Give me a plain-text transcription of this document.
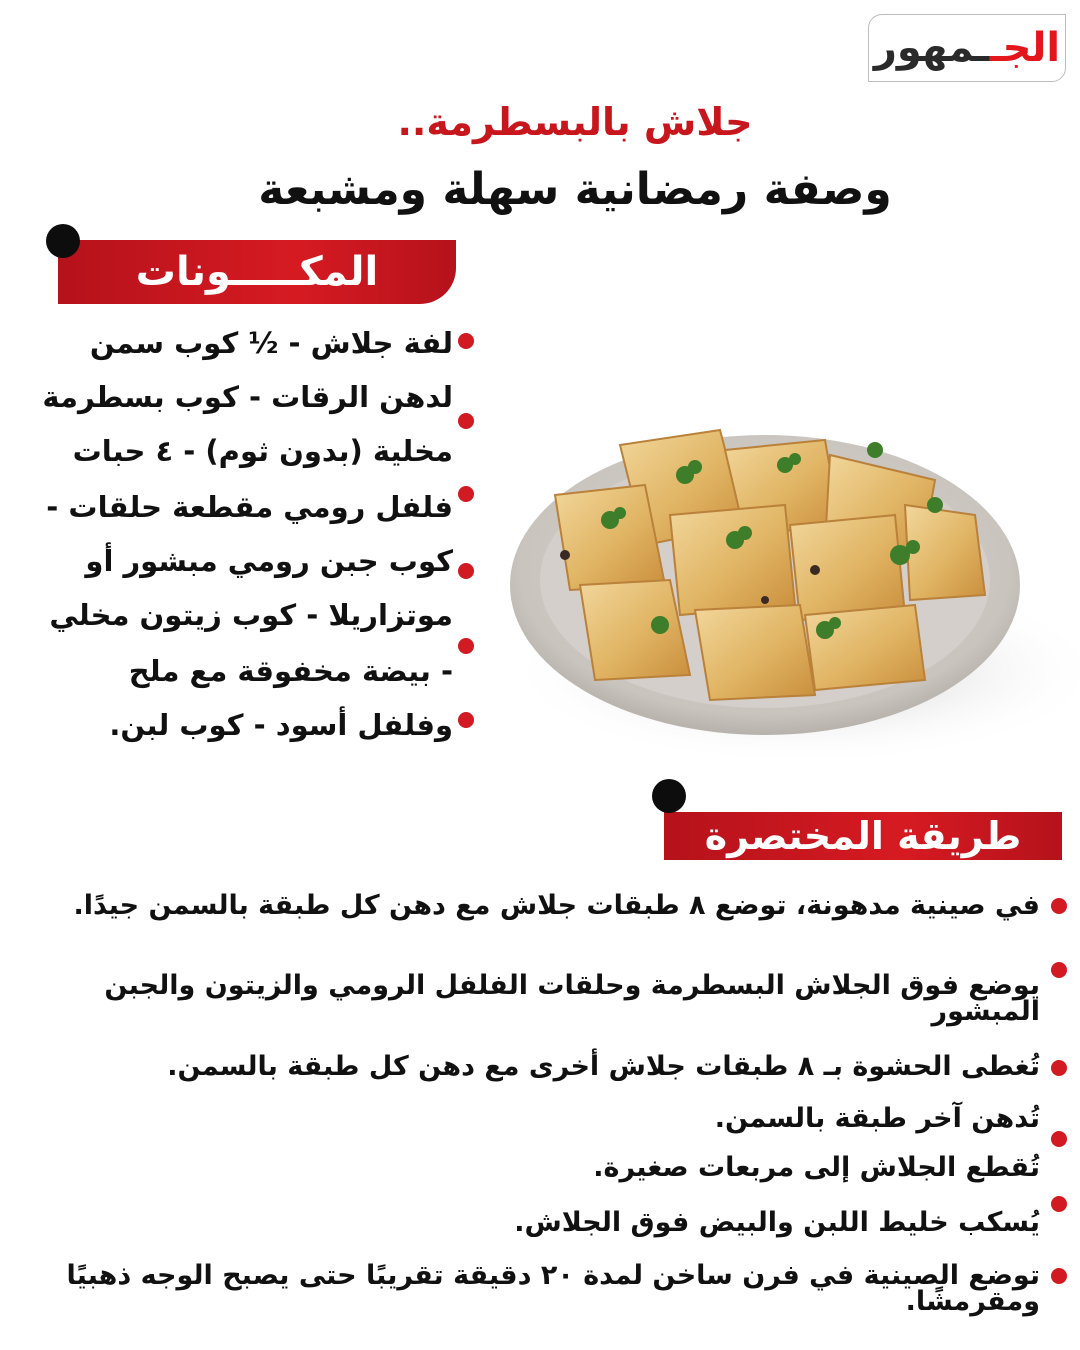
الجـ
ـمهور
جلاش بالبسطرمة..
وصفة رمضانية سهلة ومشبعة
المكـــــونات
لفة جلاش - ½ كوب سمن
لدهن الرقات - كوب بسطرمة
مخلية (بدون ثوم) - ٤ حبات
فلفل رومي مقطعة حلقات -
كوب جبن رومي مبشور أو
موتزاريلا - كوب زيتون مخلي
- بيضة مخفوقة مع ملح
وفلفل أسود - كوب لبن.
طريقة المختصرة
في صينية مدهونة، توضع ٨ طبقات جلاش مع دهن كل طبقة بالسمن جيدًا.
يوضع فوق الجلاش البسطرمة وحلقات الفلفل الرومي والزيتون والجبن المبشور
تُغطى الحشوة بـ ٨ طبقات جلاش أخرى مع دهن كل طبقة بالسمن.
تُدهن آخر طبقة بالسمن.
تُقطع الجلاش إلى مربعات صغيرة.
يُسكب خليط اللبن والبيض فوق الجلاش.
توضع الصينية في فرن ساخن لمدة ٢٠ دقيقة تقريبًا حتى يصبح الوجه ذهبيًا ومقرمشًا.
